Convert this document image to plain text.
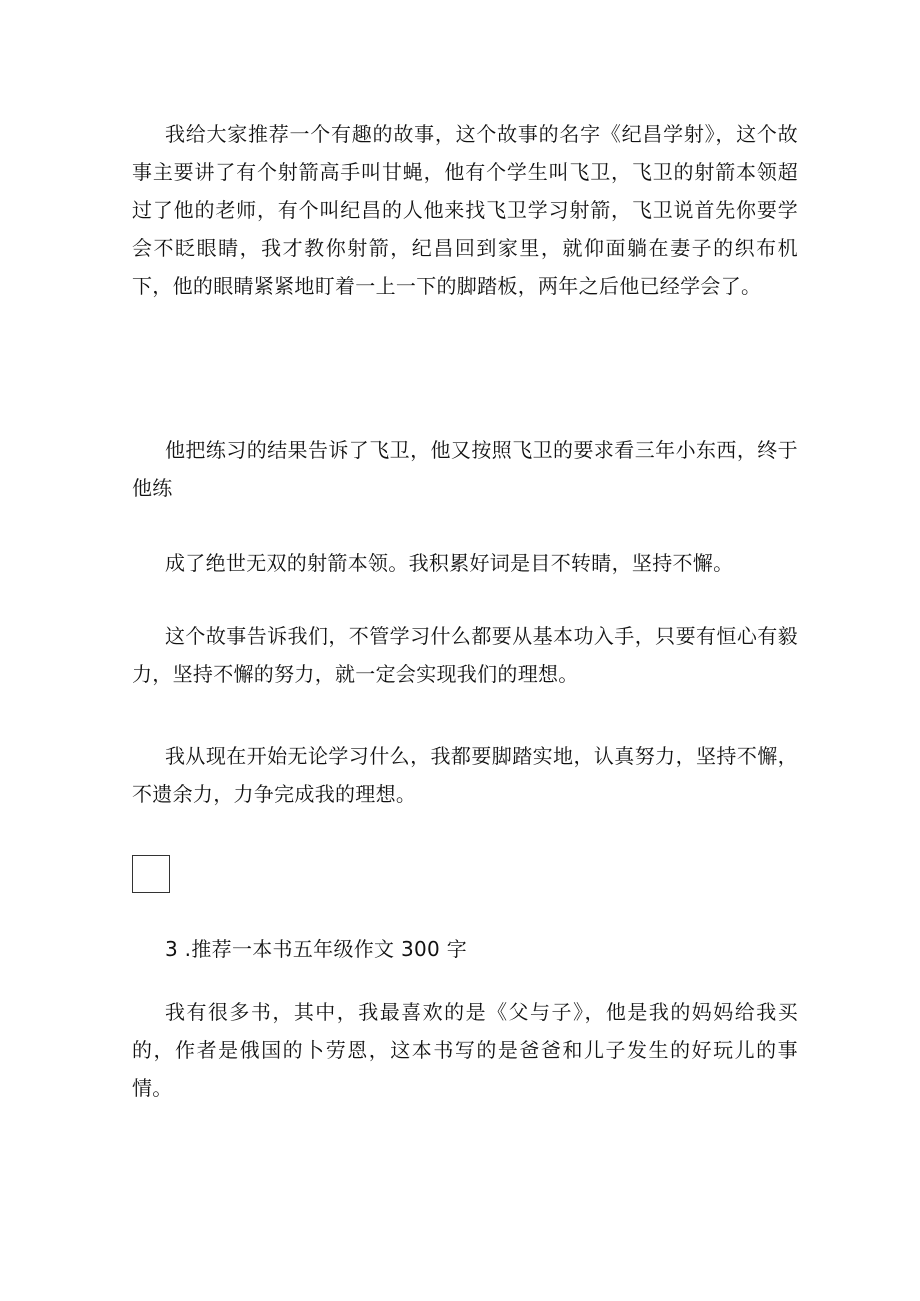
我给大家推荐一个有趣的故事，这个故事的名字《纪昌学射》，这个故事主要讲了有个射箭高手叫甘蝇，他有个学生叫飞卫，飞卫的射箭本领超过了他的老师，有个叫纪昌的人他来找飞卫学习射箭，飞卫说首先你要学会不眨眼睛，我才教你射箭，纪昌回到家里，就仰面躺在妻子的织布机下，他的眼睛紧紧地盯着一上一下的脚踏板，两年之后他已经学会了。

他把练习的结果告诉了飞卫，他又按照飞卫的要求看三年小东西，终于他练

成了绝世无双的射箭本领。我积累好词是目不转睛，坚持不懈。

这个故事告诉我们，不管学习什么都要从基本功入手，只要有恒心有毅力，坚持不懈的努力，就一定会实现我们的理想。

我从现在开始无论学习什么，我都要脚踏实地，认真努力，坚持不懈，不遗余力，力争完成我的理想。

3 .推荐一本书五年级作文 300 字

我有很多书，其中，我最喜欢的是《父与子》，他是我的妈妈给我买的，作者是俄国的卜劳恩，这本书写的是爸爸和儿子发生的好玩儿的事情。
